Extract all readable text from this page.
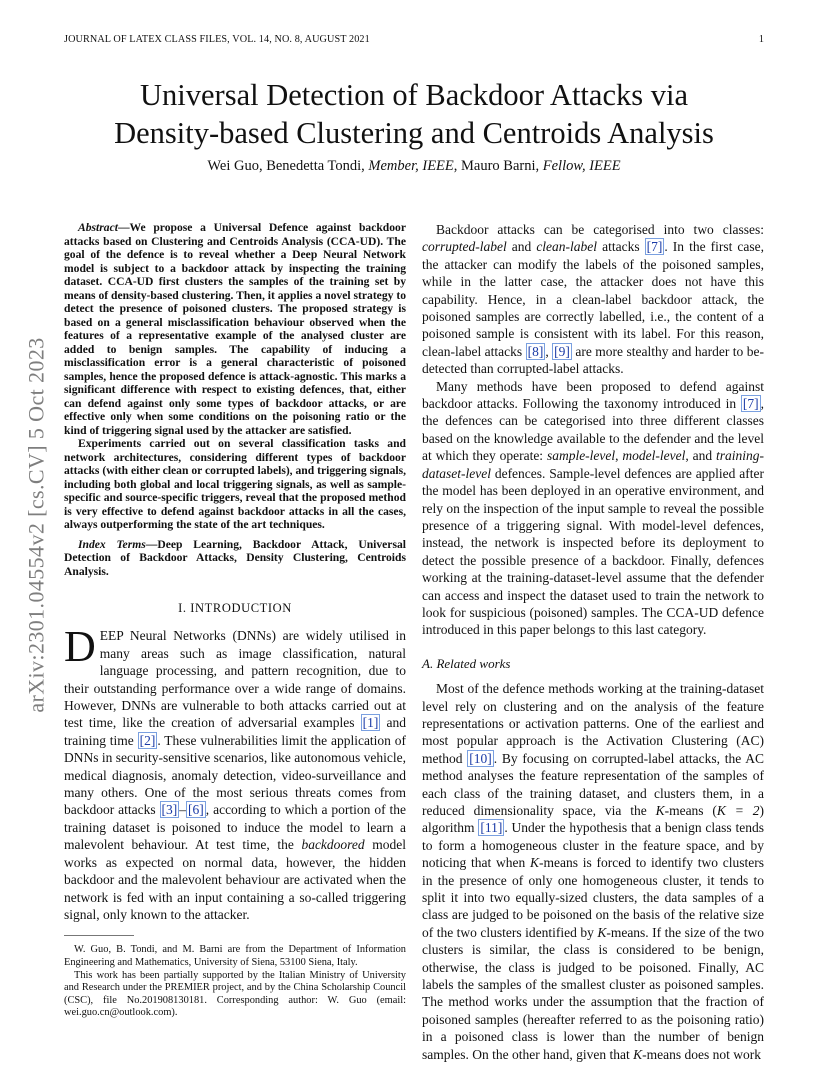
JOURNAL OF LATEX CLASS FILES, VOL. 14, NO. 8, AUGUST 2021	1
arXiv:2301.04554v2 [cs.CV] 5 Oct 2023
Universal Detection of Backdoor Attacks via
Density-based Clustering and Centroids Analysis
Wei Guo, Benedetta Tondi, Member, IEEE, Mauro Barni, Fellow, IEEE

Abstract—We propose a Universal Defence against backdoor attacks based on Clustering and Centroids Analysis (CCA-UD). The goal of the defence is to reveal whether a Deep Neural Network model is subject to a backdoor attack by inspecting the training dataset. CCA-UD first clusters the samples of the training set by means of density-based clustering. Then, it applies a novel strategy to detect the presence of poisoned clusters. The proposed strategy is based on a general misclassification behaviour observed when the features of a representative example of the analysed cluster are added to benign samples. The capability of inducing a misclassification error is a general characteristic of poisoned samples, hence the proposed defence is attack-agnostic. This marks a significant difference with respect to existing defences, that, either can defend against only some types of backdoor attacks, or are effective only when some conditions on the poisoning ratio or the kind of triggering signal used by the attacker are satisfied.

Experiments carried out on several classification tasks and network architectures, considering different types of backdoor attacks (with either clean or corrupted labels), and triggering signals, including both global and local triggering signals, as well as sample-specific and source-specific triggers, reveal that the proposed method is very effective to defend against backdoor attacks in all the cases, always outperforming the state of the art techniques.

Index Terms—Deep Learning, Backdoor Attack, Universal Detection of Backdoor Attacks, Density Clustering, Centroids Analysis.

I. INTRODUCTION

DEEP Neural Networks (DNNs) are widely utilised in many areas such as image classification, natural language processing, and pattern recognition, due to their outstanding performance over a wide range of domains. However, DNNs are vulnerable to both attacks carried out at test time, like the creation of adversarial examples [1] and training time [2] . These vulnerabilities limit the application of DNNs in security-sensitive scenarios, like autonomous vehicle, medical diagnosis, anomaly detection, video-surveillance and many others. One of the most serious threats comes from backdoor attacks [3] – [6] , according to which a portion of the training dataset is poisoned to induce the model to learn a malevolent behaviour. At test time, the backdoored model works as expected on normal data, however, the hidden backdoor and the malevolent behaviour are activated when the network is fed with an input containing a so-called triggering signal, only known to the attacker.

W. Guo, B. Tondi, and M. Barni are from the Department of Information Engineering and Mathematics, University of Siena, 53100 Siena, Italy.

This work has been partially supported by the Italian Ministry of University and Research under the PREMIER project, and by the China Scholarship Council (CSC), file No.201908130181. Corresponding author: W. Guo (email: wei.guo.cn@outlook.com).

Backdoor attacks can be categorised into two classes: corrupted-label and clean-label attacks [7] . In the first case, the attacker can modify the labels of the poisoned samples, while in the latter case, the attacker does not have this capability. Hence, in a clean-label backdoor attack, the poisoned samples are correctly labelled, i.e., the content of a poisoned sample is consistent with its label. For this reason, clean-label attacks [8] , [9] are more stealthy and harder to be-detected than corrupted-label attacks.

Many methods have been proposed to defend against backdoor attacks. Following the taxonomy introduced in [7] , the defences can be categorised into three different classes based on the knowledge available to the defender and the level at which they operate: sample-level, model-level, and training-dataset-level defences. Sample-level defences are applied after the model has been deployed in an operative environment, and rely on the inspection of the input sample to reveal the possible presence of a triggering signal. With model-level defences, instead, the network is inspected before its deployment to detect the possible presence of a backdoor. Finally, defences working at the training-dataset-level assume that the defender can access and inspect the dataset used to train the network to look for suspicious (poisoned) samples. The CCA-UD defence introduced in this paper belongs to this last category.

A. Related works

Most of the defence methods working at the training-dataset level rely on clustering and on the analysis of the feature representations or activation patterns. One of the earliest and most popular approach is the Activation Clustering (AC) method [10] . By focusing on corrupted-label attacks, the AC method analyses the feature representation of the samples of each class of the training dataset, and clusters them, in a reduced dimensionality space, via the K-means (K = 2) algorithm [11] . Under the hypothesis that a benign class tends to form a homogeneous cluster in the feature space, and by noticing that when K-means is forced to identify two clusters in the presence of only one homogeneous cluster, it tends to split it into two equally-sized clusters, the data samples of a class are judged to be poisoned on the basis of the relative size of the two clusters identified by K-means. If the size of the two clusters is similar, the class is considered to be benign, otherwise, the class is judged to be poisoned. Finally, AC labels the samples of the smallest cluster as poisoned samples. The method works under the assumption that the fraction of poisoned samples (hereafter referred to as the poisoning ratio) in a poisoned class is lower than the number of benign samples. On the other hand, given that K-means does not work
